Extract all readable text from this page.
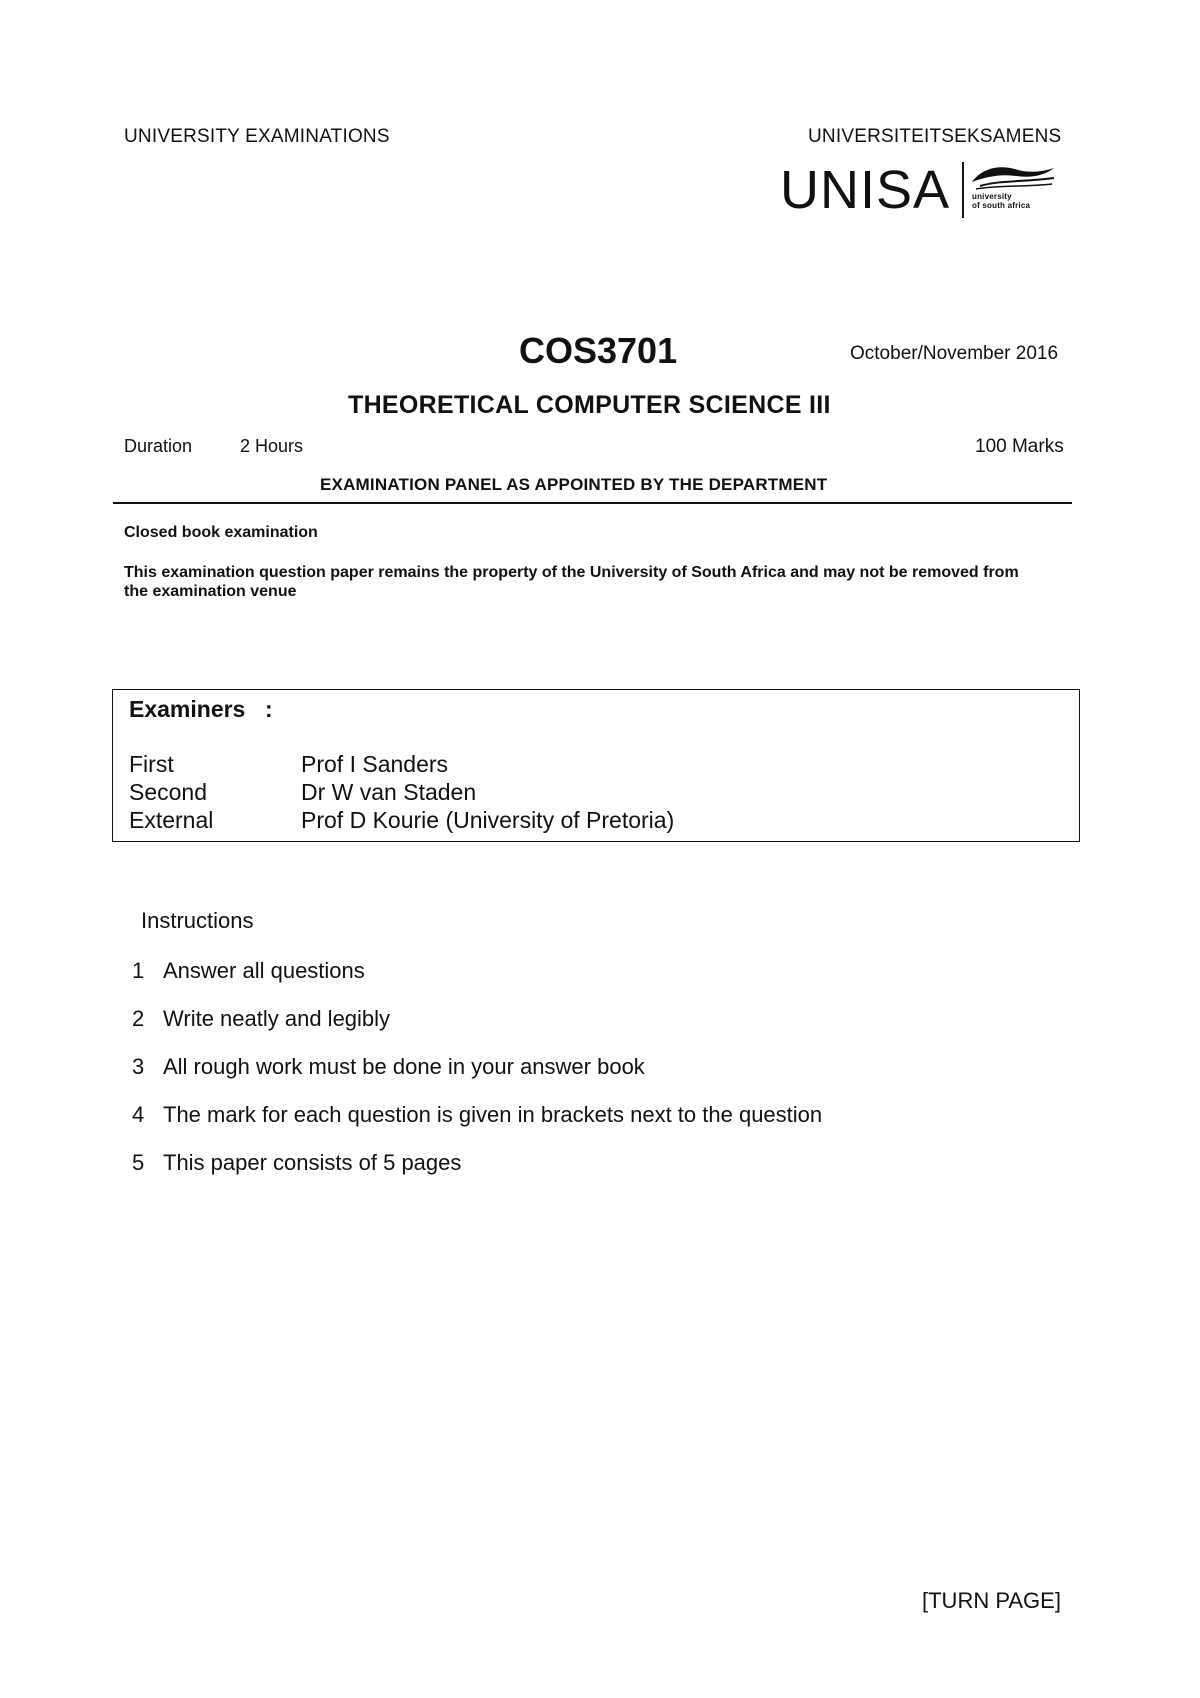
UNIVERSITY EXAMINATIONS	UNIVERSITEITSEKSAMENS
UNISA	university
of south africa
COS3701	October/November 2016
THEORETICAL COMPUTER SCIENCE III
Duration	2 Hours	100 Marks
EXAMINATION PANEL AS APPOINTED BY THE DEPARTMENT
Closed book examination
This examination question paper remains the property of the University of South Africa and may not be removed from the examination venue
Examiners :
First	Prof I Sanders
Second	Dr W van Staden
External	Prof D Kourie (University of Pretoria)
Instructions
1 Answer all questions
2 Write neatly and legibly
3 All rough work must be done in your answer book
4 The mark for each question is given in brackets next to the question
5 This paper consists of 5 pages
[TURN PAGE]
